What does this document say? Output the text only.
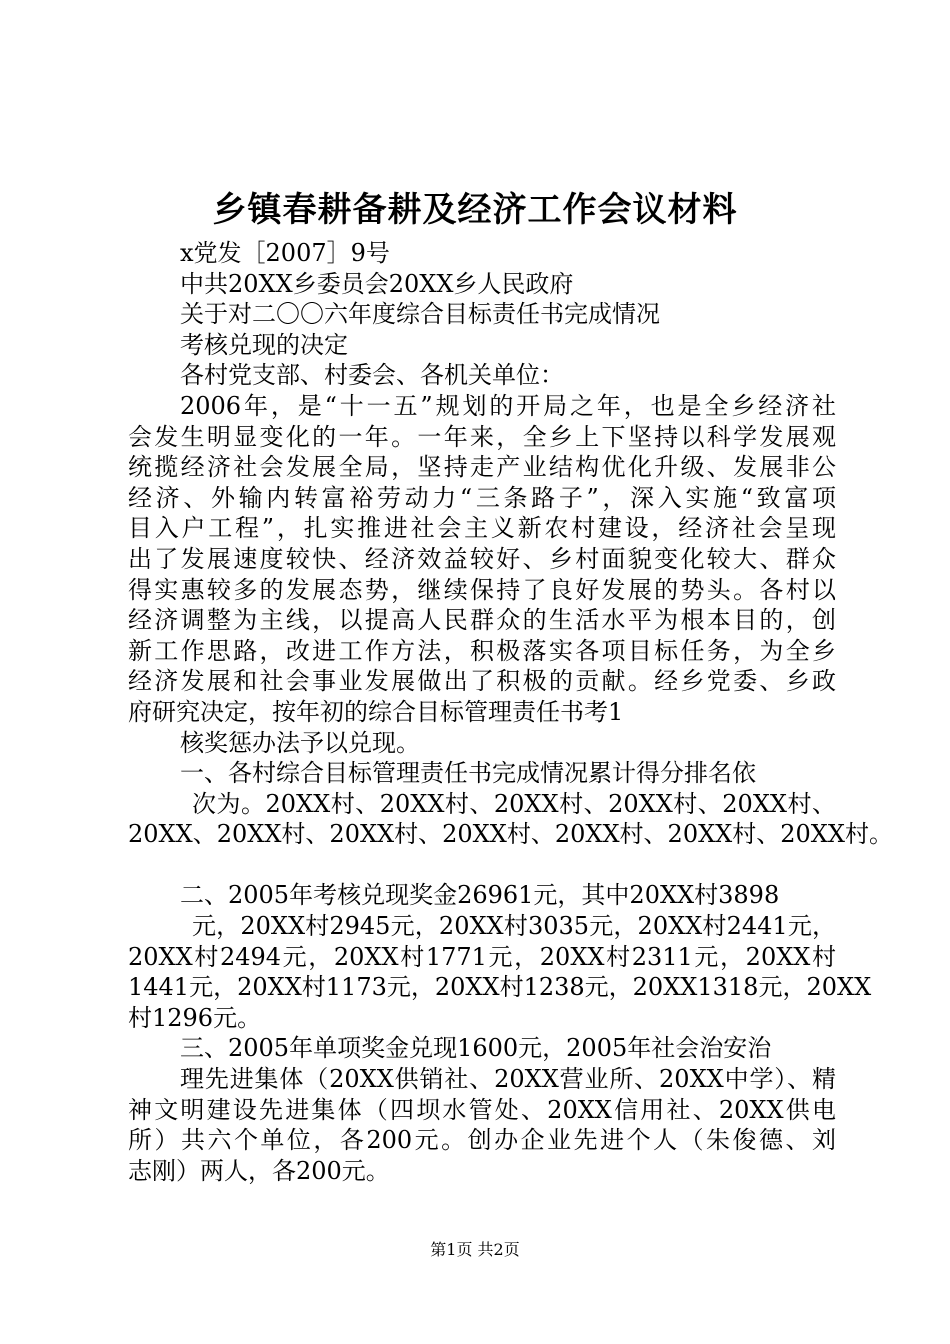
乡镇春耕备耕及经济工作会议材料
x党发［2007］9号
中共20XX乡委员会20XX乡人民政府
关于对二〇〇六年度综合目标责任书完成情况
考核兑现的决定
各村党支部、村委会、各机关单位：
2006年，是“十一五”规划的开局之年，也是全乡经济社
会发生明显变化的一年。一年来，全乡上下坚持以科学发展观
统揽经济社会发展全局，坚持走产业结构优化升级、发展非公
经济、外输内转富裕劳动力“三条路子”，深入实施“致富项
目入户工程”，扎实推进社会主义新农村建设，经济社会呈现
出了发展速度较快、经济效益较好、乡村面貌变化较大、群众
得实惠较多的发展态势，继续保持了良好发展的势头。各村以
经济调整为主线，以提高人民群众的生活水平为根本目的，创
新工作思路，改进工作方法，积极落实各项目标任务，为全乡
经济发展和社会事业发展做出了积极的贡献。经乡党委、乡政
府研究决定，按年初的综合目标管理责任书考1
核奖惩办法予以兑现。
一、各村综合目标管理责任书完成情况累计得分排名依
次为。20XX村、20XX村、20XX村、20XX村、20XX村、
20XX、20XX村、20XX村、20XX村、20XX村、20XX村、20XX村。
二、2005年考核兑现奖金26961元，其中20XX村3898
元，20XX村2945元，20XX村3035元，20XX村2441元，
20XX村2494元，20XX村1771元，20XX村2311元，20XX村
1441元，20XX村1173元，20XX村1238元，20XX1318元，20XX
村1296元。
三、2005年单项奖金兑现1600元，2005年社会治安治
理先进集体（20XX供销社、20XX营业所、20XX中学）、精
神文明建设先进集体（四坝水管处、20XX信用社、20XX供电
所）共六个单位，各200元。创办企业先进个人（朱俊德、刘
志刚）两人，各200元。

第1页 共2页
